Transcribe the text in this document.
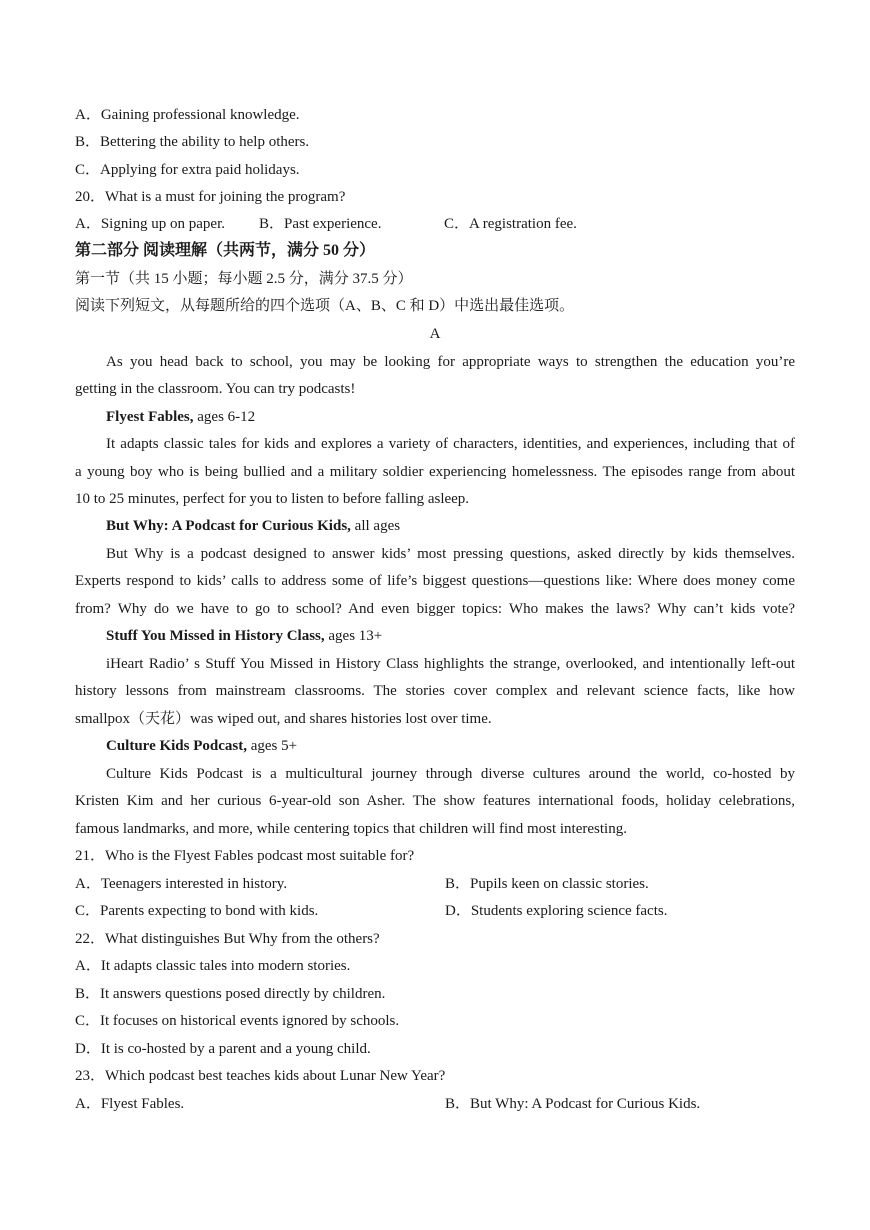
A．Gaining professional knowledge.
B．Bettering the ability to help others.
C．Applying for extra paid holidays.
20．What is a must for joining the program?
A．Signing up on paper. B．Past experience.	C．A registration fee.
第二部分 阅读理解（共两节，满分 50 分）
第一节（共 15 小题；每小题 2.5 分，满分 37.5 分）
阅读下列短文，从每题所给的四个选项（A、B、C 和 D）中选出最佳选项。
A
As you head back to school, you may be looking for appropriate ways to strengthen the education you’re
getting in the classroom. You can try podcasts!
Flyest Fables, ages 6-12
It adapts classic tales for kids and explores a variety of characters, identities, and experiences, including that of
a young boy who is being bullied and a military soldier experiencing homelessness. The episodes range from about
10 to 25 minutes, perfect for you to listen to before falling asleep.
But Why: A Podcast for Curious Kids, all ages
But Why is a podcast designed to answer kids’ most pressing questions, asked directly by kids themselves.
Experts respond to kids’ calls to address some of life’s biggest questions—questions like: Where does money come
from? Why do we have to go to school? And even bigger topics: Who makes the laws? Why can’t kids vote?
Stuff You Missed in History Class, ages 13+
iHeart Radio’ s Stuff You Missed in History Class highlights the strange, overlooked, and intentionally left-out
history lessons from mainstream classrooms. The stories cover complex and relevant science facts, like how
smallpox（天花）was wiped out, and shares histories lost over time.
Culture Kids Podcast, ages 5+
Culture Kids Podcast is a multicultural journey through diverse cultures around the world, co-hosted by
Kristen Kim and her curious 6-year-old son Asher. The show features international foods, holiday celebrations,
famous landmarks, and more, while centering topics that children will find most interesting.
21．Who is the Flyest Fables podcast most suitable for?
A．Teenagers interested in history.	B．Pupils keen on classic stories.
C．Parents expecting to bond with kids.	D．Students exploring science facts.
22．What distinguishes But Why from the others?
A．It adapts classic tales into modern stories.
B．It answers questions posed directly by children.
C．It focuses on historical events ignored by schools.
D．It is co-hosted by a parent and a young child.
23．Which podcast best teaches kids about Lunar New Year?
A．Flyest Fables.	B．But Why: A Podcast for Curious Kids.
